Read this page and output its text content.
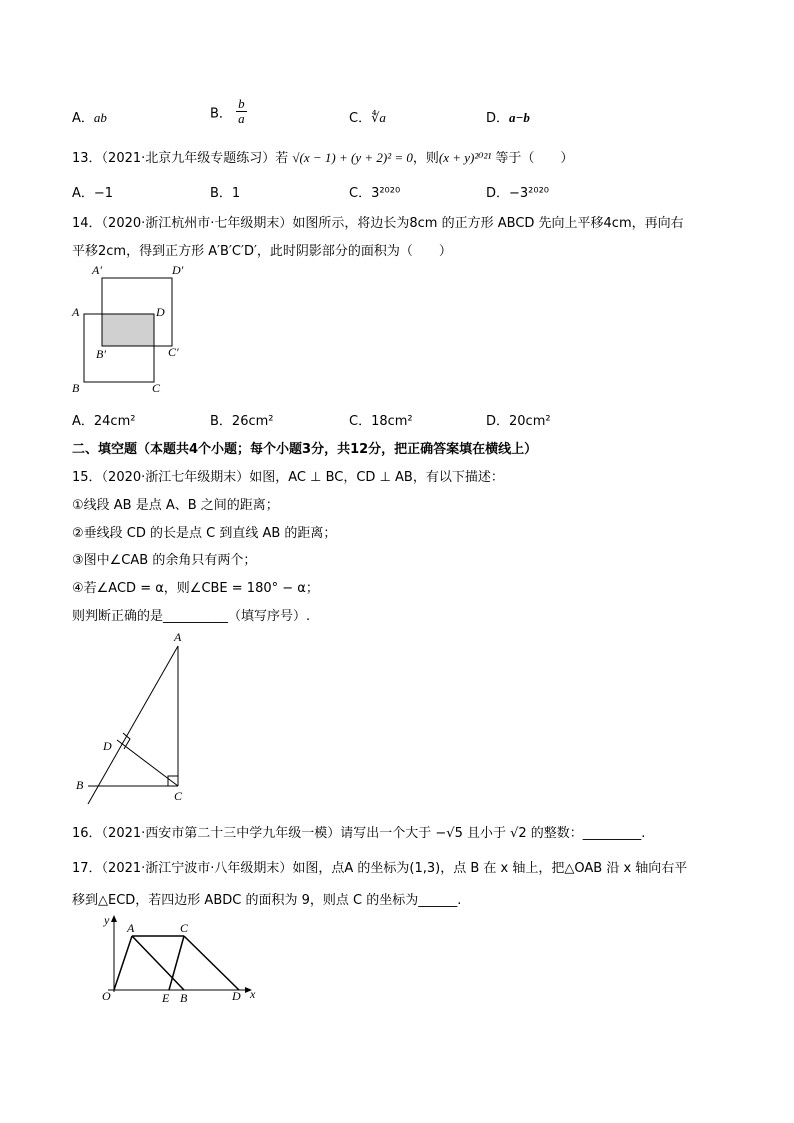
A．ab	B． $\frac{b}{a}$	C．∜a	D．a−b
13．（2021·北京九年级专题练习）若 √(x − 1) + (y + 2)² = 0，则(x + y)²⁰²¹ 等于（　　）
A．−1	B．1	C．3²⁰²⁰	D．−3²⁰²⁰
14．（2020·浙江杭州市·七年级期末）如图所示，将边长为8cm 的正方形 ABCD 先向上平移4cm，再向右
平移2cm，得到正方形 A′B′C′D′，此时阴影部分的面积为（　　）
A′	D′
A	D
B′	C′
B	C
A．24cm²	B．26cm²	C．18cm²	D．20cm²
二、填空题（本题共4个小题；每个小题3分，共12分，把正确答案填在横线上）
15．（2020·浙江七年级期末）如图，AC ⊥ BC，CD ⊥ AB，有以下描述：
①线段 AB 是点 A、B 之间的距离；
②垂线段 CD 的长是点 C 到直线 AB 的距离；
③图中∠CAB 的余角只有两个；
④若∠ACD = α，则∠CBE = 180° − α；
则判断正确的是__________（填写序号）.
A
D
B
C
16．（2021·西安市第二十三中学九年级一模）请写出一个大于 −√5 且小于 √2 的整数：_________.
17．（2021·浙江宁波市·八年级期末）如图，点A 的坐标为(1,3)，点 B 在 x 轴上，把△OAB 沿 x 轴向右平
移到△ECD，若四边形 ABDC 的面积为 9，则点 C 的坐标为______.
y
A	C
O	E B	D x
